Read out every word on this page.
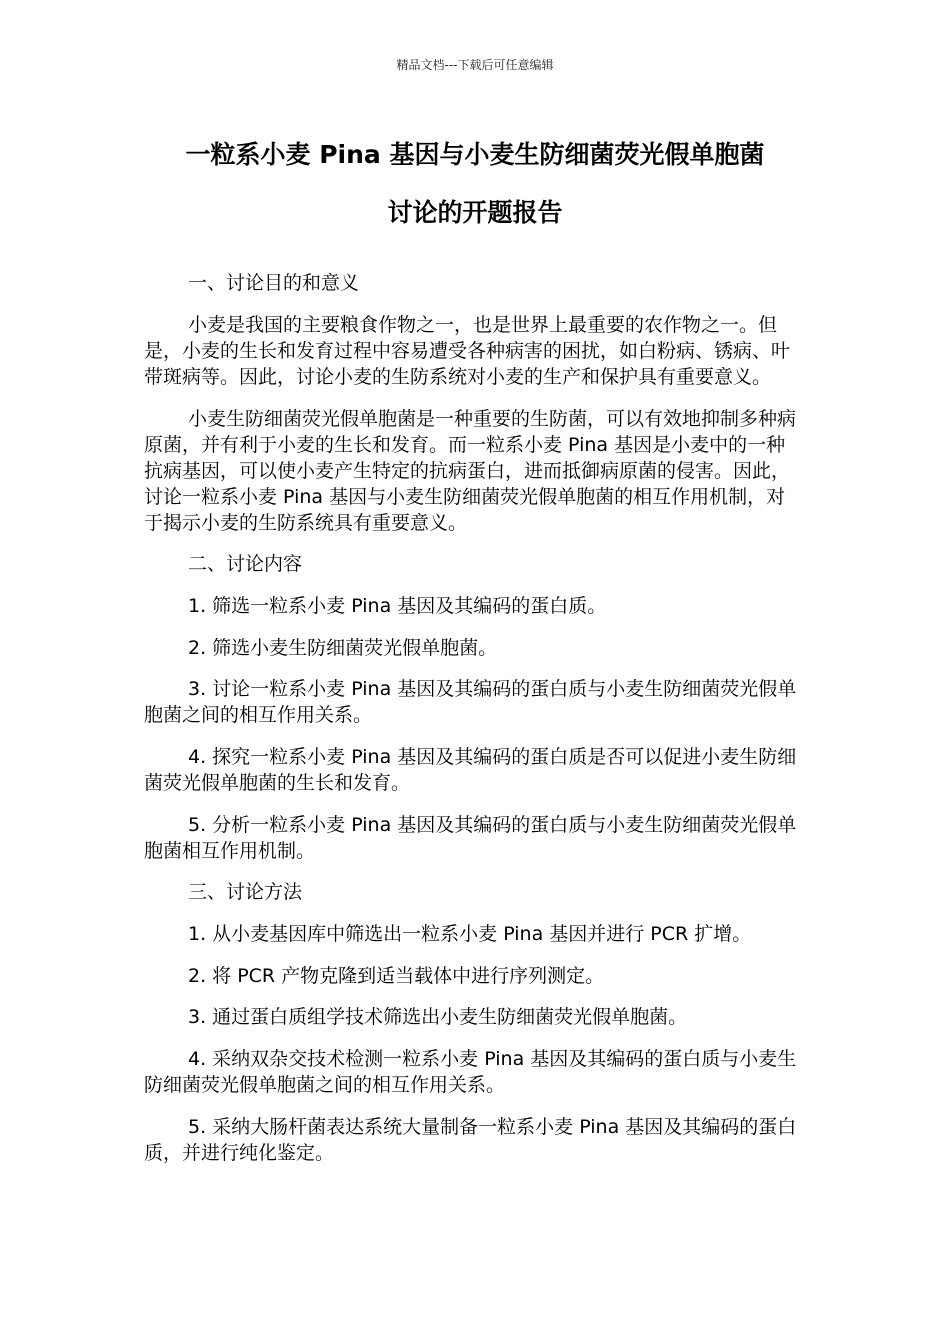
精品文档---下载后可任意编辑
一粒系小麦 Pina 基因与小麦生防细菌荧光假单胞菌
讨论的开题报告

一、讨论目的和意义

小麦是我国的主要粮食作物之一，也是世界上最重要的农作物之一。但是，小麦的生长和发育过程中容易遭受各种病害的困扰，如白粉病、锈病、叶带斑病等。因此，讨论小麦的生防系统对小麦的生产和保护具有重要意义。

小麦生防细菌荧光假单胞菌是一种重要的生防菌，可以有效地抑制多种病原菌，并有利于小麦的生长和发育。而一粒系小麦 Pina 基因是小麦中的一种抗病基因，可以使小麦产生特定的抗病蛋白，进而抵御病原菌的侵害。因此，讨论一粒系小麦 Pina 基因与小麦生防细菌荧光假单胞菌的相互作用机制，对于揭示小麦的生防系统具有重要意义。

二、讨论内容

1. 筛选一粒系小麦 Pina 基因及其编码的蛋白质。

2. 筛选小麦生防细菌荧光假单胞菌。

3. 讨论一粒系小麦 Pina 基因及其编码的蛋白质与小麦生防细菌荧光假单胞菌之间的相互作用关系。

4. 探究一粒系小麦 Pina 基因及其编码的蛋白质是否可以促进小麦生防细菌荧光假单胞菌的生长和发育。

5. 分析一粒系小麦 Pina 基因及其编码的蛋白质与小麦生防细菌荧光假单胞菌相互作用机制。

三、讨论方法

1. 从小麦基因库中筛选出一粒系小麦 Pina 基因并进行 PCR 扩增。

2. 将 PCR 产物克隆到适当载体中进行序列测定。

3. 通过蛋白质组学技术筛选出小麦生防细菌荧光假单胞菌。

4. 采纳双杂交技术检测一粒系小麦 Pina 基因及其编码的蛋白质与小麦生防细菌荧光假单胞菌之间的相互作用关系。

5. 采纳大肠杆菌表达系统大量制备一粒系小麦 Pina 基因及其编码的蛋白质，并进行纯化鉴定。
